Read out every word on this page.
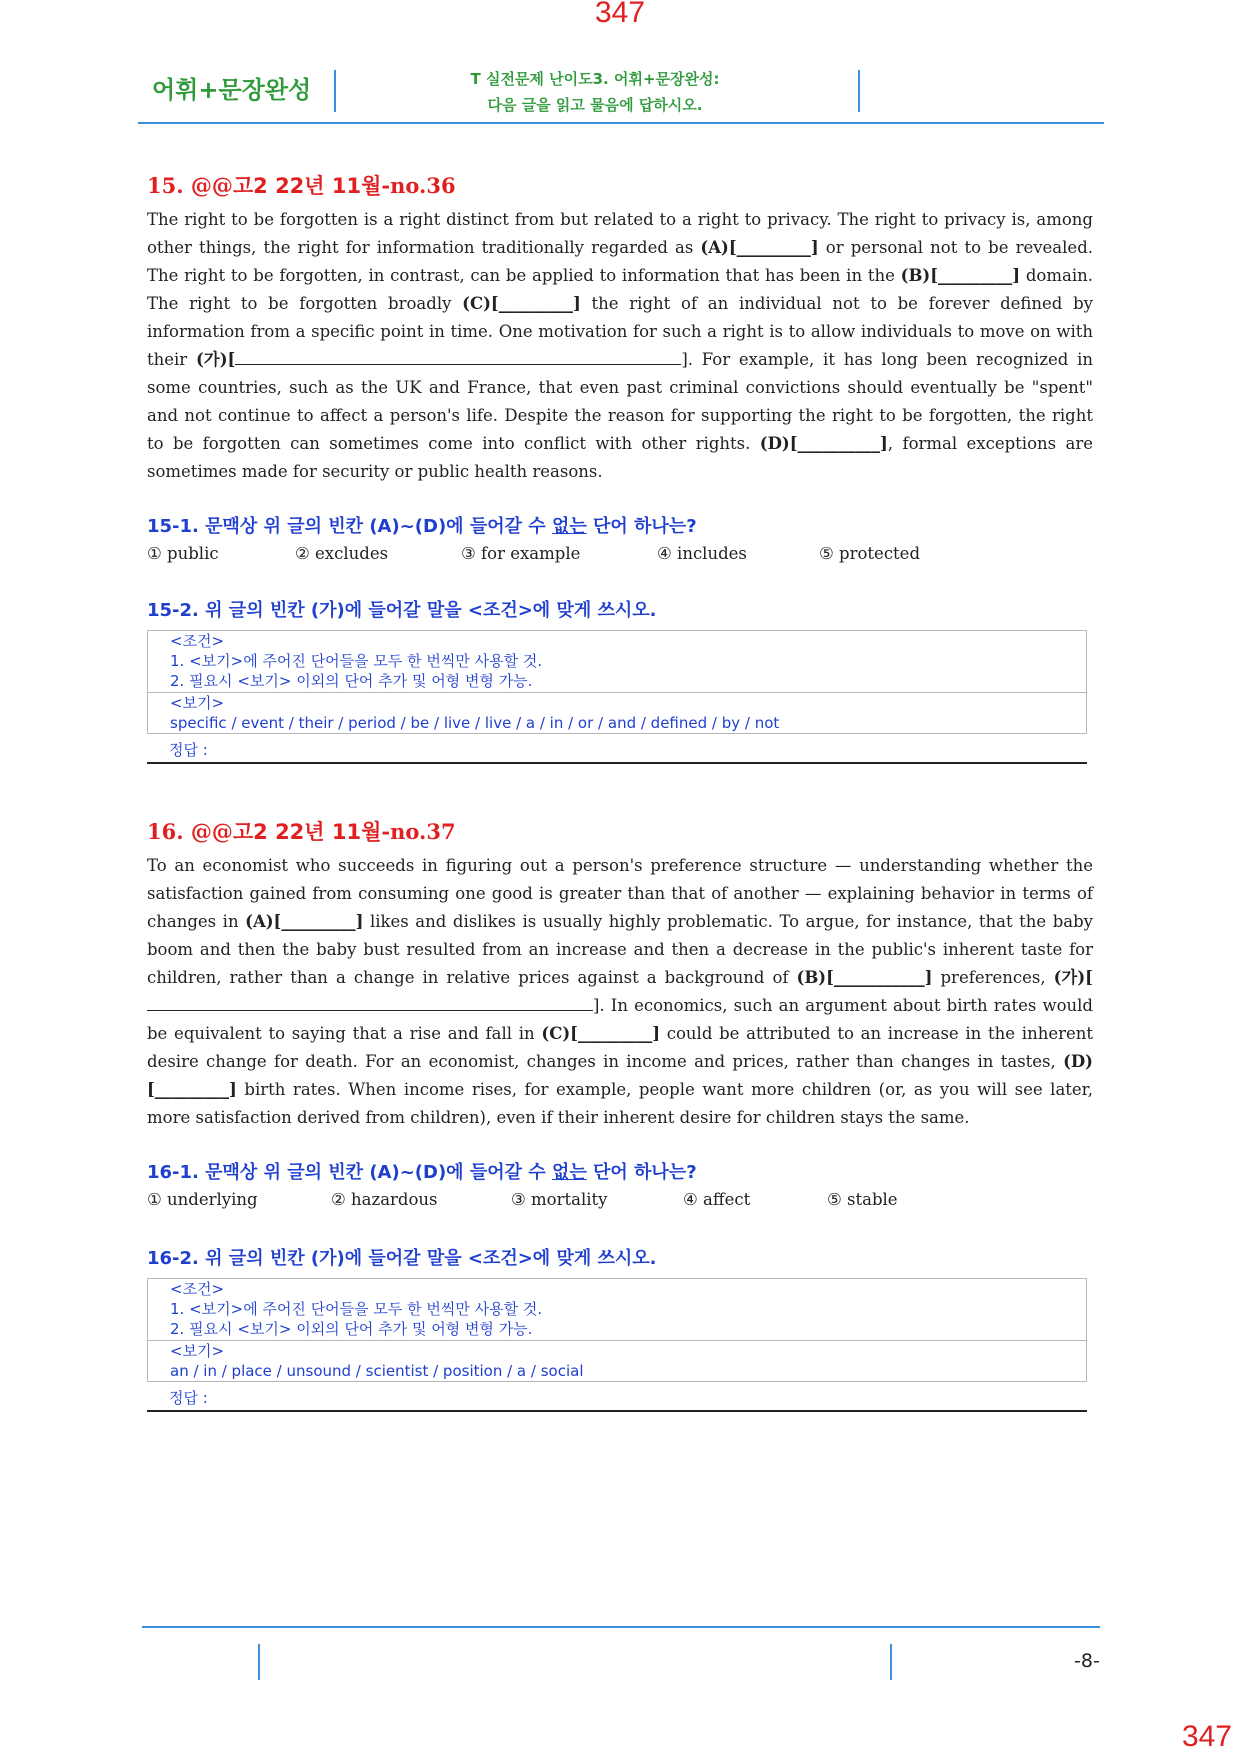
347
어휘+문장완성	T 실전문제 난이도3. 어휘+문장완성:
다음 글을 읽고 물음에 답하시오.
15. @@고2 22년 11월-no.36
The right to be forgotten is a right distinct from but related to a right to privacy. The right to privacy is, among other things, the right for information traditionally regarded as (A)[_________] or personal not to be revealed. The right to be forgotten, in contrast, can be applied to information that has been in the (B)[_________] domain. The right to be forgotten broadly (C)[_________] the right of an individual not to be forever defined by information from a specific point in time. One motivation for such a right is to allow individuals to move on with their (가)[	]. For example, it has long been recognized in some countries, such as the UK and France, that even past criminal convictions should eventually be "spent" and not continue to affect a person's life. Despite the reason for supporting the right to be forgotten, the right to be forgotten can sometimes come into conflict with other rights. (D)[__________], formal exceptions are sometimes made for security or public health reasons.
15-1. 문맥상 위 글의 빈칸 (A)~(D)에 들어갈 수 없는 단어 하나는?
① public	② excludes	③ for example	④ includes	⑤ protected
15-2. 위 글의 빈칸 (가)에 들어갈 말을 <조건>에 맞게 쓰시오.
<조건>
1. <보기>에 주어진 단어들을 모두 한 번씩만 사용할 것.
2. 필요시 <보기> 이외의 단어 추가 및 어형 변형 가능.
<보기>
specific / event / their / period / be / live / live / a / in / or / and / defined / by / not
정답 :
16. @@고2 22년 11월-no.37
To an economist who succeeds in figuring out a person's preference structure — understanding whether the satisfaction gained from consuming one good is greater than that of another — explaining behavior in terms of changes in (A)[_________] likes and dislikes is usually highly problematic. To argue, for instance, that the baby boom and then the baby bust resulted from an increase and then a decrease in the public's inherent taste for children, rather than a change in relative prices against a background of (B)[___________] preferences, (가)[]. In economics, such an argument about birth rates would be equivalent to saying that a rise and fall in (C)[_________] could be attributed to an increase in the inherent desire change for death. For an economist, changes in income and prices, rather than changes in tastes, (D)[_________] birth rates. When income rises, for example, people want more children (or, as you will see later, more satisfaction derived from children), even if their inherent desire for children stays the same.
16-1. 문맥상 위 글의 빈칸 (A)~(D)에 들어갈 수 없는 단어 하나는?
① underlying	② hazardous	③ mortality	④ affect	⑤ stable
16-2. 위 글의 빈칸 (가)에 들어갈 말을 <조건>에 맞게 쓰시오.
<조건>
1. <보기>에 주어진 단어들을 모두 한 번씩만 사용할 것.
2. 필요시 <보기> 이외의 단어 추가 및 어형 변형 가능.
<보기>
an / in / place / unsound / scientist / position / a / social
정답 :
-8-
347
